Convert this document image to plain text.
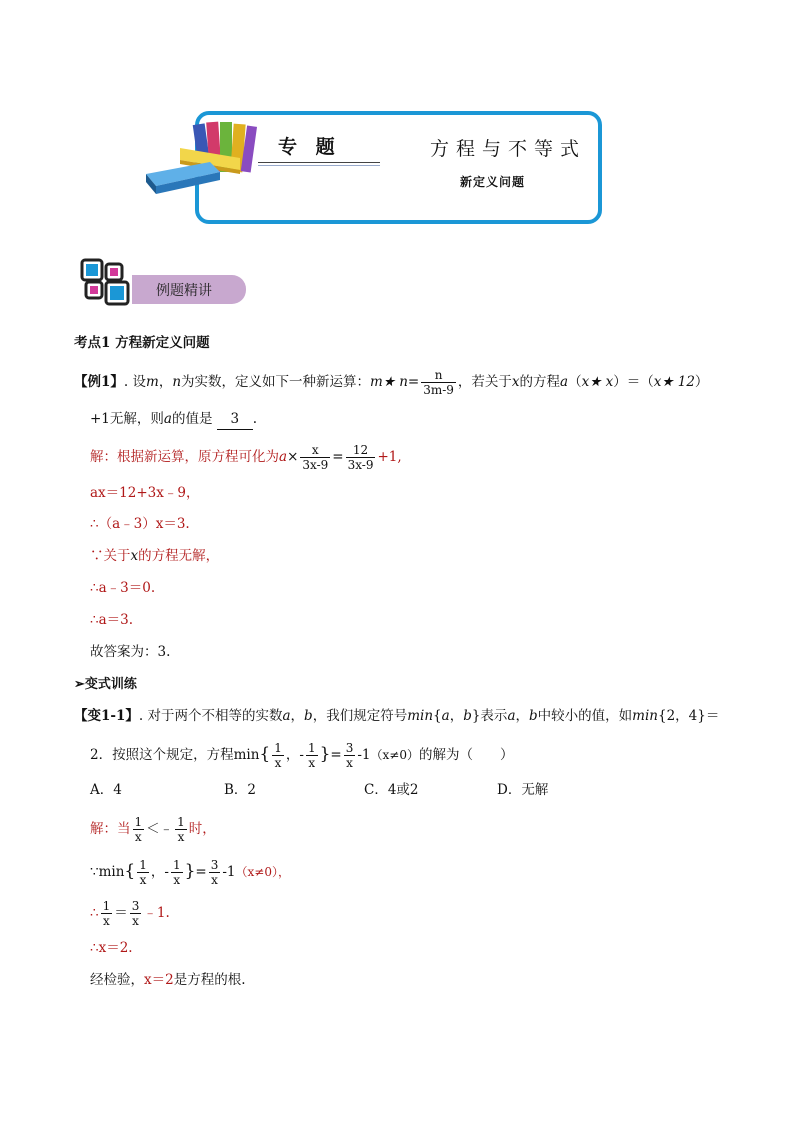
专 题	方程与不等式
新定义问题
例题精讲
考点1 方程新定义问题
【例1】. 设m，n为实数，定义如下一种新运算：m★ $n= \frac{n}{3m-9}$ ，若关于x的方程a（x★ x）＝（x★ 12）
+1无解，则a的值是 3 .
解：根据新运算，原方程可化为$a\times \frac{x}{3x-9} = \frac{12}{3x-9} +1$,
ax＝12+3x﹣9，
∴（a﹣3）x＝3.
∵关于x的方程无解，
∴a﹣3＝0.
∴a＝3.
故答案为：3.
➢变式训练
【变1-1】. 对于两个不相等的实数a，b，我们规定符号min{a，b}表示a，b中较小的值，如min{2，4}＝
2．按照这个规定，方程$\min\{ \frac{1}{x}$ ，- $\frac{1}{x}$ }= $\frac{3}{x} -1(x\ne 0)$的解为（　　）
A．4	B．2	C．4或2	D．无解
解：当 $\frac{1}{x}$ ＜﹣ $\frac{1}{x}$ 时，
∵min{ $\frac{1}{x}$ ，- $\frac{1}{x}$ }= $\frac{3}{x} -1(x\ne 0)$，
∴ $\frac{1}{x} = \frac{3}{x}$ ﹣1.
∴x＝2.
经检验，x＝2是方程的根.
